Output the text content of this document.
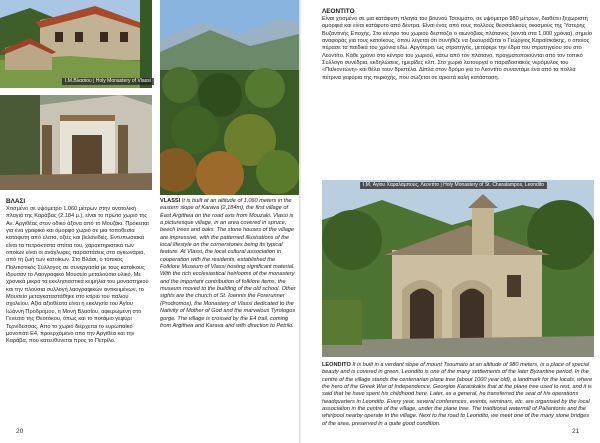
I.M.Βλασίου | Holy Monastery of Vlassi

ΒΛΑΣΙ

Χτισμένο σε υψόμετρο 1.060 μέτρων στην ανατολική πλαγιά της Καράβας (2.184 μ.), είναι το πρώτο χωριό της Αν. Αργιθέας στον οδικό άξονα από το Μουζάκι. Πρόκειται για ένα γραφικό και όμορφο χωριό σε μια τοποθεσία κατάφυτη από έλατα, οξιές και βελανιδιές. Εντυπωσιακά είναι τα πετρόκτιστα σπίτια του, χαρακτηριστικά των οποίων είναι οι ανάγλυφες παραστάσεις στα αγκωνάρια, από τη ζωή των κατοίκων. Στο Βλάσι, ο τοπικός Πολιτιστικός Σύλλογος σε συνεργασία με τους κατοίκους ίδρυσαν το Λαογραφικό Μουσείο μεταλούσιο υλικό. Με χρονικά μικρά τα εκκλησιαστικά κειμήλια του μοναστηριού και την πλούσια συλλογή λαογραφικών αντικειμένων, το Μουσείο μεταγκαταστάθηκε στο κτίριο του παλιού σχολείου. Αξία αξιοθέατα είναι η εκκλησία του Αγίου Ιωάννη Προδρόμου, η Μονή Βλασίου, αφιερωμένη στο Γενέσιο της Θεοτόκου, όπως και το ποτάμιο γεφύρι Τερνίδεσσας. Από το χωριό διέρχεται το ευρωπαϊκό μονοπάτι Ε4, προερχόμενο από την Αργιθέα και την Καράβα, που κατευθύνεται προς το Πετρίλο.

VLASSI It is built at an altitude of 1,060 meters in the eastern slope of Karava (2,184m), the first village of East Argithea on the road axis from Mouzaki. Vlassi is a picturesque village, in an area covered in spruce, beech trees and oaks. The stone houses of the village are impressive, with the patterned illustrations of the local lifestyle on the cornerstones being its typical feature. At Vlassi, the local cultural association in cooperation with the residents, established the Folklore Museum of Vlassi hosting significant material. With the rich ecclesiastical heirlooms of the monastery and the important contribution of folklore items, the museum moved to the building of the old school. Other sights are the church of St. Ioannis the Forerunner (Prodromos), the Monastery of Vlassi dedicated to the Nativity of Mother of God and the marvelous Tyrologos gorge. The village is crossed by the E4 trail, coming from Argithea and Karava and with direction to Petrilo.

20

ΛΕΟΝΤΙΤΟ

Είναι χτισμένο σε μια κατάφυτη πλαγιά του βουνού Τσουμάτο, σε υψόμετρο 980 μέτρων, διαθέτει ξεχωριστή ομορφιά και είναι κατάφυτο από δέντρα. Είναι ένας από τους πολλούς θεσσαλικούς οικισμούς της Ύστερης Βυζαντινής Εποχής. Στο κέντρο του χωριού δεσπόζει ο αιωνόβιος πλάτανος (κοντά στα 1.000 χρόνια), σημείο αναφοράς για τους κατοίκους, όπου λέγεται ότι συνήθιζε να ξεκουράζεται ο Γεώργιος Καραϊσκάκης, ο οποίος πέρασε τα παιδικά του χρόνια εδώ. Αργότερα, ως στρατηγός, μετέφερε την έδρα του στρατηγείου του στο Λεοντίτο. Κάθε χρόνο στο κέντρο του χωριού, κάτω από τον πλάτανο, πραγματοποιούνται από τον τοπικό Σύλλογο συνέδρια, εκδηλώσεις, ημερίδες κλπ. Στο χωριό λειτουργεί ο παραδοσιακός νερόμυλος του «Παλιοντώνη» και θέλει τουν δριστέλα. Δίπλα στον δρόμο για το Λεοντίτο συναντάμε ένα από τα πολλά πέτρινα γεφύρια της περιοχής, που σώζεται σε αρκετά καλή κατάσταση.

I.M. Αγίου Χαραλάμπους, Λεοντίτο | Holy Monastery of St. Charalampos, Leondito

LEONDITO It is built in a verdant slope of mount Tsoumato at an altitude of 980 meters, is a place of special beauty and is covered in green. Leondito is one of the many settlements of the later Byzantine period. In the centre of the village stands the centenarian plane tree (about 1000 year old), a landmark for the locals, where the hero of the Greek War of Independence, Georgios Karaiskakis that at the plane tree used to rest, and it is said that he have spent his childhood here. Later, as a general, he transferred the seat of his operations headquarters in Leondito. Every year, several conferences, events, seminars, etc. are organised by the local association in the centre of the village, under the plane tree. The traditional watermill of Paliantonis and the whirlpool nearby operate in the village. Next to the road to Leondito, we meet one of the many stone bridges of the area, preserved in a quite good condition.

21
